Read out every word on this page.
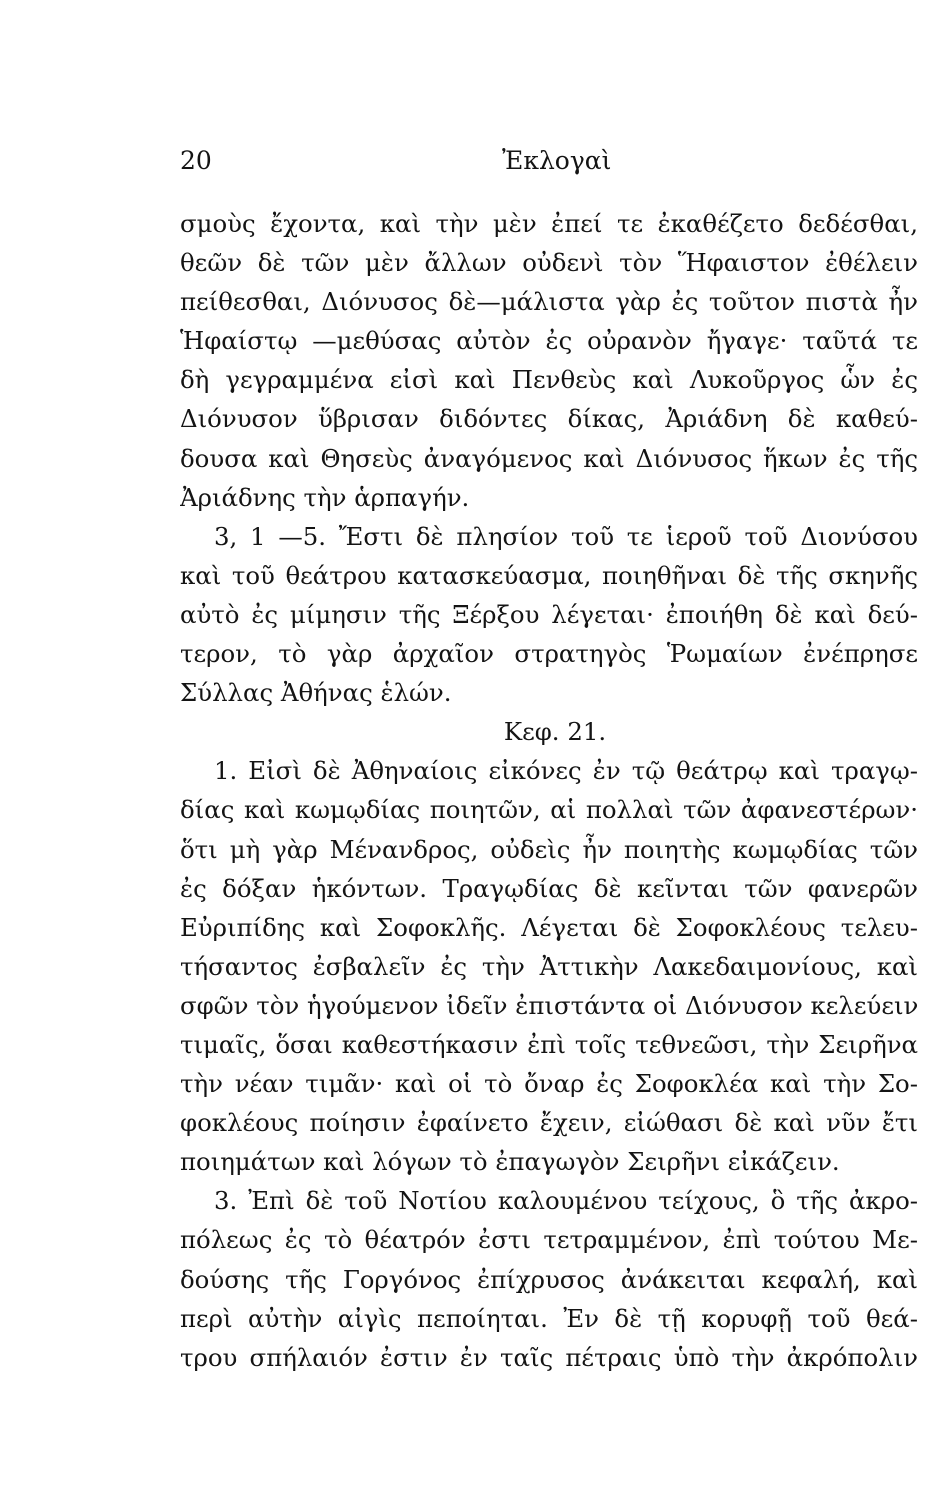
20	Ἐκλογαὶ
σμοὺς ἔχοντα, καὶ τὴν μὲν ἐπεί τε ἐκαθέζετο δεδέσθαι,
θεῶν δὲ τῶν μὲν ἄλλων οὐδενὶ τὸν Ἥφαιστον ἐθέλειν
πείθεσθαι, Διόνυσος δὲ—μάλιστα γὰρ ἐς τοῦτον πιστὰ ἦν
Ἡφαίστῳ —μεθύσας αὐτὸν ἐς οὐρανὸν ἤγαγε· ταῦτά τε
δὴ γεγραμμένα εἰσὶ καὶ Πενθεὺς καὶ Λυκοῦργος ὧν ἐς
Διόνυσον ὕβρισαν διδόντες δίκας, Ἀριάδνη δὲ καθεύ-
δουσα καὶ Θησεὺς ἀναγόμενος καὶ Διόνυσος ἥκων ἐς τῆς
Ἀριάδνης τὴν ἁρπαγήν.
3, 1 —5. Ἔστι δὲ πλησίον τοῦ τε ἱεροῦ τοῦ Διονύσου
καὶ τοῦ θεάτρου κατασκεύασμα, ποιηθῆναι δὲ τῆς σκηνῆς
αὐτὸ ἐς μίμησιν τῆς Ξέρξου λέγεται· ἐποιήθη δὲ καὶ δεύ-
τερον, τὸ γὰρ ἀρχαῖον στρατηγὸς Ῥωμαίων ἐνέπρησε
Σύλλας Ἀθήνας ἑλών.
Κεφ. 21.
1. Εἰσὶ δὲ Ἀθηναίοις εἰκόνες ἐν τῷ θεάτρῳ καὶ τραγῳ-
δίας καὶ κωμῳδίας ποιητῶν, αἱ πολλαὶ τῶν ἀφανεστέρων·
ὅτι μὴ γὰρ Μένανδρος, οὐδεὶς ἦν ποιητὴς κωμῳδίας τῶν
ἐς δόξαν ἡκόντων. Τραγῳδίας δὲ κεῖνται τῶν φανερῶν
Εὐριπίδης καὶ Σοφοκλῆς. Λέγεται δὲ Σοφοκλέους τελευ-
τήσαντος ἐσβαλεῖν ἐς τὴν Ἀττικὴν Λακεδαιμονίους, καὶ
σφῶν τὸν ἡγούμενον ἰδεῖν ἐπιστάντα οἱ Διόνυσον κελεύειν
τιμαῖς, ὅσαι καθεστήκασιν ἐπὶ τοῖς τεθνεῶσι, τὴν Σειρῆνα
τὴν νέαν τιμᾶν· καὶ οἱ τὸ ὄναρ ἐς Σοφοκλέα καὶ τὴν Σο-
φοκλέους ποίησιν ἐφαίνετο ἔχειν, εἰώθασι δὲ καὶ νῦν ἔτι
ποιημάτων καὶ λόγων τὸ ἐπαγωγὸν Σειρῆνι εἰκάζειν.
3. Ἐπὶ δὲ τοῦ Νοτίου καλουμένου τείχους, ὃ τῆς ἀκρο-
πόλεως ἐς τὸ θέατρόν ἐστι τετραμμένον, ἐπὶ τούτου Με-
δούσης τῆς Γοργόνος ἐπίχρυσος ἀνάκειται κεφαλή, καὶ
περὶ αὐτὴν αἰγὶς πεποίηται. Ἐν δὲ τῇ κορυφῇ τοῦ θεά-
τρου σπήλαιόν ἐστιν ἐν ταῖς πέτραις ὑπὸ τὴν ἀκρόπολιν
